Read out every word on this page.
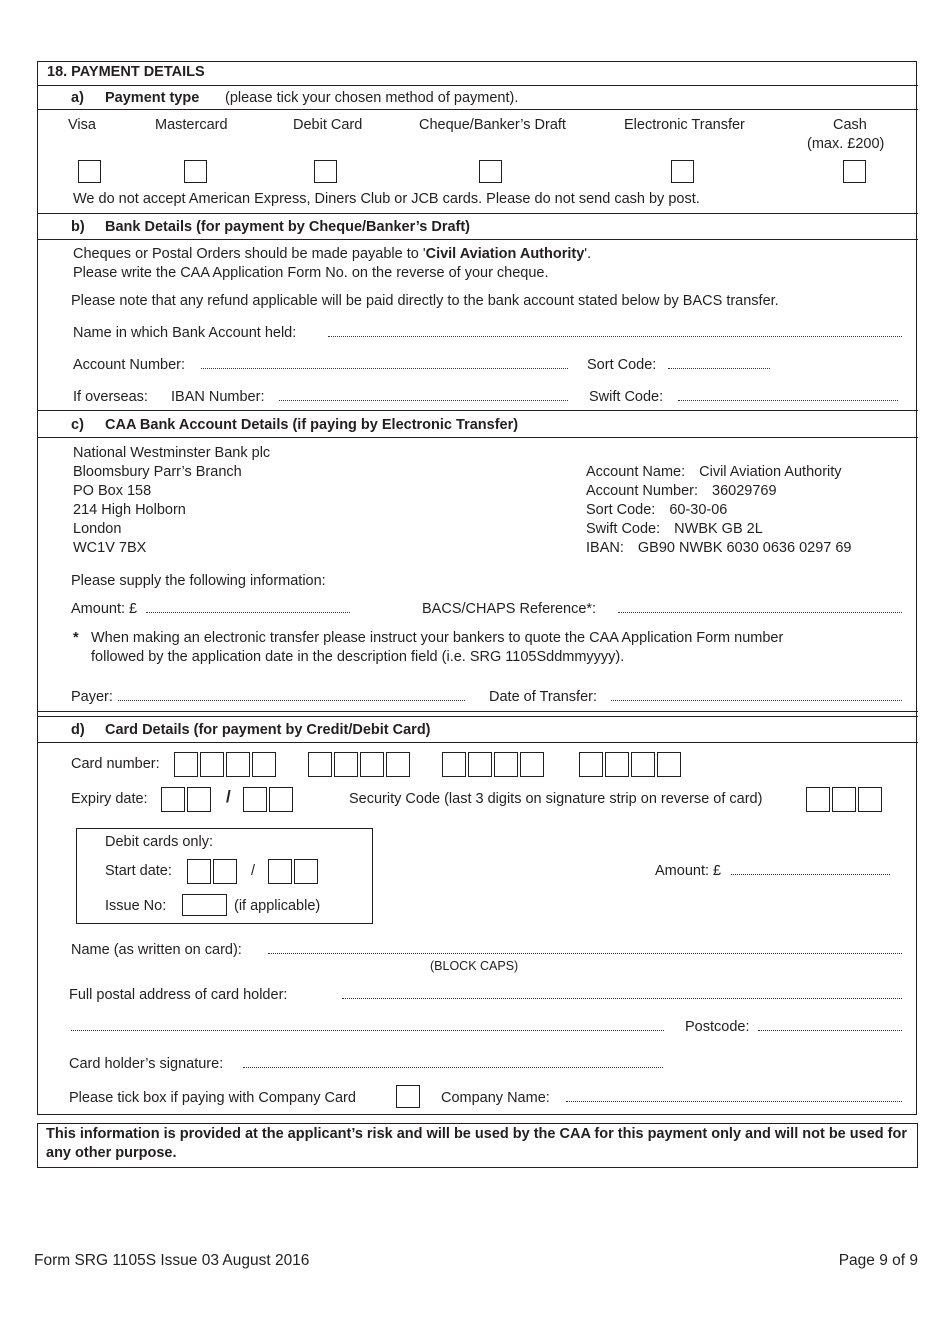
18. PAYMENT DETAILS
a) Payment type (please tick your chosen method of payment).
Visa	Mastercard	Debit Card	Cheque/Banker’s Draft	Electronic Transfer	Cash
(max. £200)
We do not accept American Express, Diners Club or JCB cards. Please do not send cash by post.
b) Bank Details (for payment by Cheque/Banker’s Draft)
Cheques or Postal Orders should be made payable to 'Civil Aviation Authority'.
Please write the CAA Application Form No. on the reverse of your cheque.
Please note that any refund applicable will be paid directly to the bank account stated below by BACS transfer.
Name in which Bank Account held:
Account Number:	Sort Code:
If overseas: IBAN Number:	Swift Code:
c) CAA Bank Account Details (if paying by Electronic Transfer)
National Westminster Bank plc
Bloomsbury Parr’s Branch
PO Box 158
214 High Holborn
London
WC1V 7BX
Account Name: Civil Aviation Authority
Account Number: 36029769
Sort Code: 60-30-06
Swift Code: NWBK GB 2L
IBAN: GB90 NWBK 6030 0636 0297 69
Please supply the following information:
Amount: £	BACS/CHAPS Reference*:
* When making an electronic transfer please instruct your bankers to quote the CAA Application Form number
followed by the application date in the description field (i.e. SRG 1105Sddmmyyyy).
Payer:	Date of Transfer:
d) Card Details (for payment by Credit/Debit Card)
Card number:
Expiry date:	/	Security Code (last 3 digits on signature strip on reverse of card)
Debit cards only:
Start date:	/
Issue No:	(if applicable)
Amount: £
Name (as written on card):
(BLOCK CAPS)
Full postal address of card holder:
Postcode:
Card holder’s signature:
Please tick box if paying with Company Card	Company Name:
This information is provided at the applicant’s risk and will be used by the CAA for this payment only and will not be used for any other purpose.
Form SRG 1105S Issue 03 August 2016	Page 9 of 9
